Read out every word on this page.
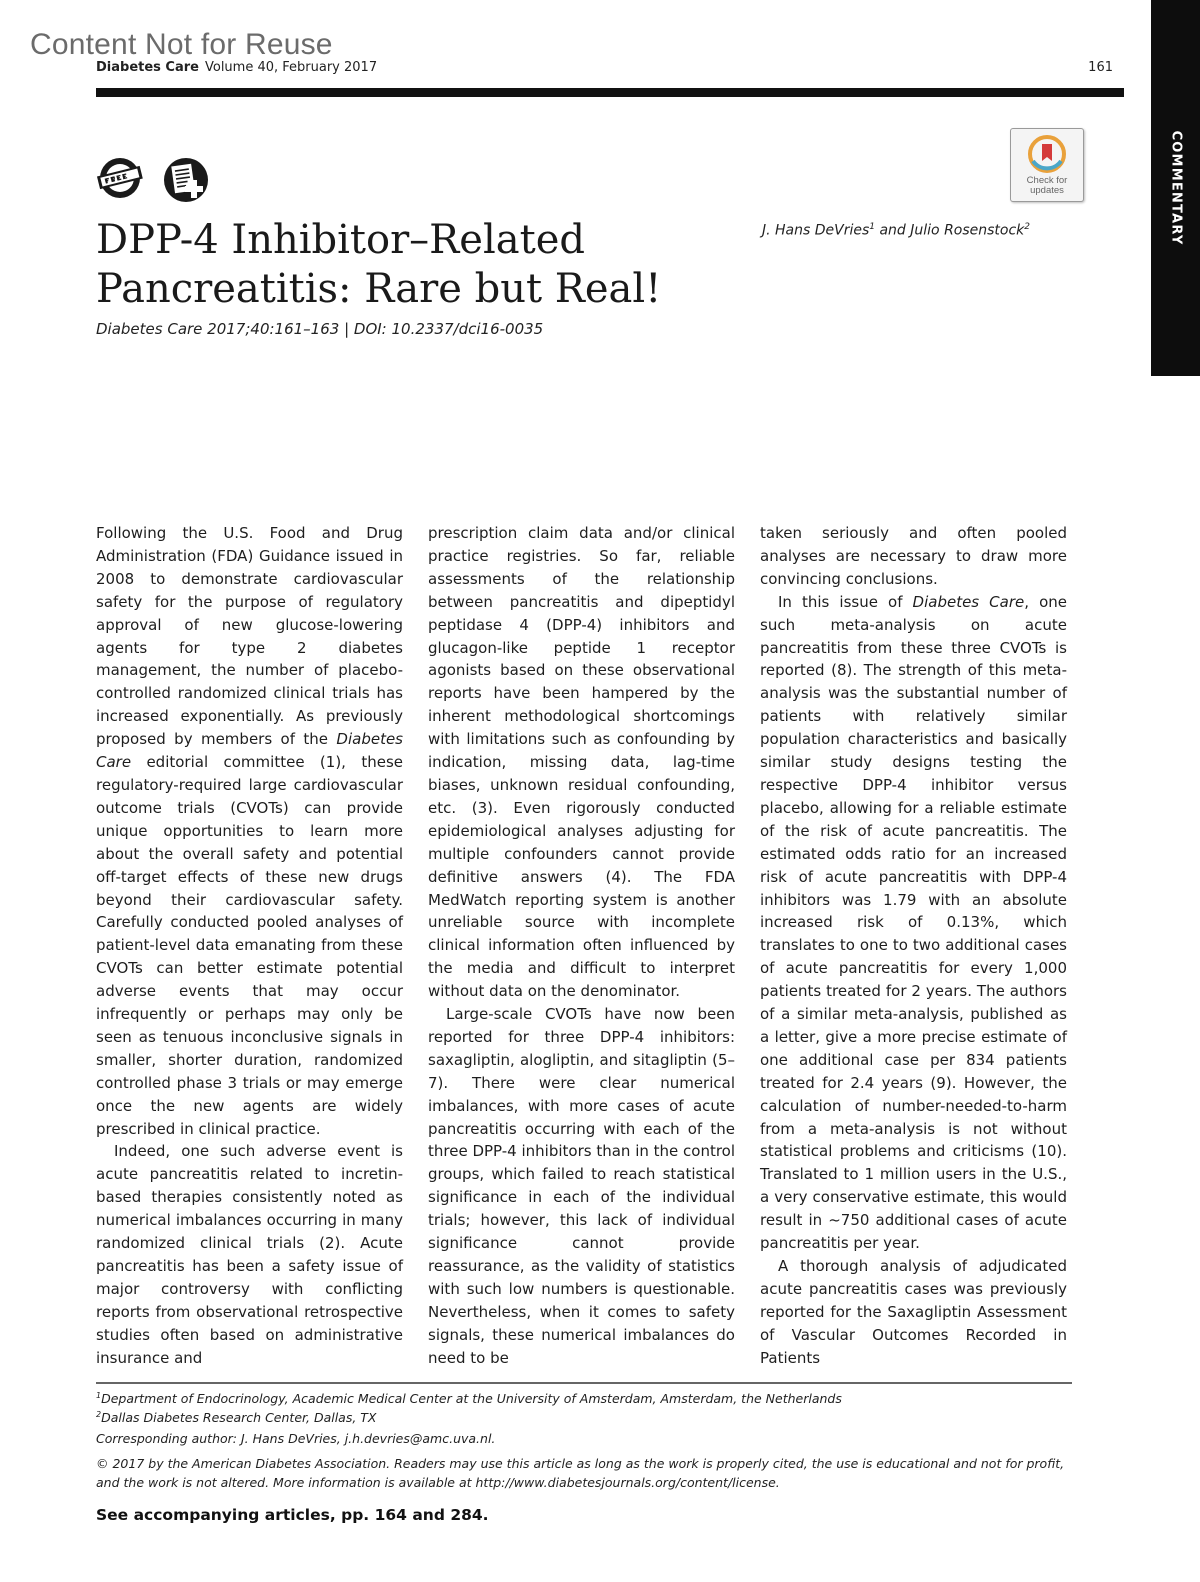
Content Not for Reuse
Diabetes Care Volume 40, February 2017	161
COMMENTARY
Check for
updates
DPP-4 Inhibitor–Related
Pancreatitis: Rare but Real!
Diabetes Care 2017;40:161–163 | DOI: 10.2337/dci16-0035
J. Hans DeVries$^1$ and Julio Rosenstock$^2$

Following the U.S. Food and Drug Administration (FDA) Guidance issued in 2008 to demonstrate cardiovascular safety for the purpose of regulatory approval of new glucose-lowering agents for type 2 diabetes management, the number of placebo-controlled randomized clinical trials has increased exponentially. As previously proposed by members of the Diabetes Care editorial committee (1), these regulatory-required large cardiovascular outcome trials (CVOTs) can provide unique opportunities to learn more about the overall safety and potential off-target effects of these new drugs beyond their cardiovascular safety. Carefully conducted pooled analyses of patient-level data emanating from these CVOTs can better estimate potential adverse events that may occur infrequently or perhaps may only be seen as tenuous inconclusive signals in smaller, shorter duration, randomized controlled phase 3 trials or may emerge once the new agents are widely prescribed in clinical practice.

Indeed, one such adverse event is acute pancreatitis related to incretin-based therapies consistently noted as numerical imbalances occurring in many randomized clinical trials (2). Acute pancreatitis has been a safety issue of major controversy with conflicting reports from observational retrospective studies often based on administrative insurance and

prescription claim data and/or clinical practice registries. So far, reliable assessments of the relationship between pancreatitis and dipeptidyl peptidase 4 (DPP-4) inhibitors and glucagon-like peptide 1 receptor agonists based on these observational reports have been hampered by the inherent methodological shortcomings with limitations such as confounding by indication, missing data, lag-time biases, unknown residual confounding, etc. (3). Even rigorously conducted epidemiological analyses adjusting for multiple confounders cannot provide definitive answers (4). The FDA MedWatch reporting system is another unreliable source with incomplete clinical information often influenced by the media and difficult to interpret without data on the denominator.

Large-scale CVOTs have now been reported for three DPP-4 inhibitors: saxagliptin, alogliptin, and sitagliptin (5–7). There were clear numerical imbalances, with more cases of acute pancreatitis occurring with each of the three DPP-4 inhibitors than in the control groups, which failed to reach statistical significance in each of the individual trials; however, this lack of individual significance cannot provide reassurance, as the validity of statistics with such low numbers is questionable. Nevertheless, when it comes to safety signals, these numerical imbalances do need to be

taken seriously and often pooled analyses are necessary to draw more convincing conclusions.

In this issue of Diabetes Care, one such meta-analysis on acute pancreatitis from these three CVOTs is reported (8). The strength of this meta-analysis was the substantial number of patients with relatively similar population characteristics and basically similar study designs testing the respective DPP-4 inhibitor versus placebo, allowing for a reliable estimate of the risk of acute pancreatitis. The estimated odds ratio for an increased risk of acute pancreatitis with DPP-4 inhibitors was 1.79 with an absolute increased risk of 0.13%, which translates to one to two additional cases of acute pancreatitis for every 1,000 patients treated for 2 years. The authors of a similar meta-analysis, published as a letter, give a more precise estimate of one additional case per 834 patients treated for 2.4 years (9). However, the calculation of number-needed-to-harm from a meta-analysis is not without statistical problems and criticisms (10). Translated to 1 million users in the U.S., a very conservative estimate, this would result in ~750 additional cases of acute pancreatitis per year.

A thorough analysis of adjudicated acute pancreatitis cases was previously reported for the Saxagliptin Assessment of Vascular Outcomes Recorded in Patients

$^1$Department of Endocrinology, Academic Medical Center at the University of Amsterdam, Amsterdam, the Netherlands
$^2$Dallas Diabetes Research Center, Dallas, TX
Corresponding author: J. Hans DeVries, j.h.devries@amc.uva.nl.
© 2017 by the American Diabetes Association. Readers may use this article as long as the work is properly cited, the use is educational and not for profit,
and the work is not altered. More information is available at http://www.diabetesjournals.org/content/license.
See accompanying articles, pp. 164 and 284.
